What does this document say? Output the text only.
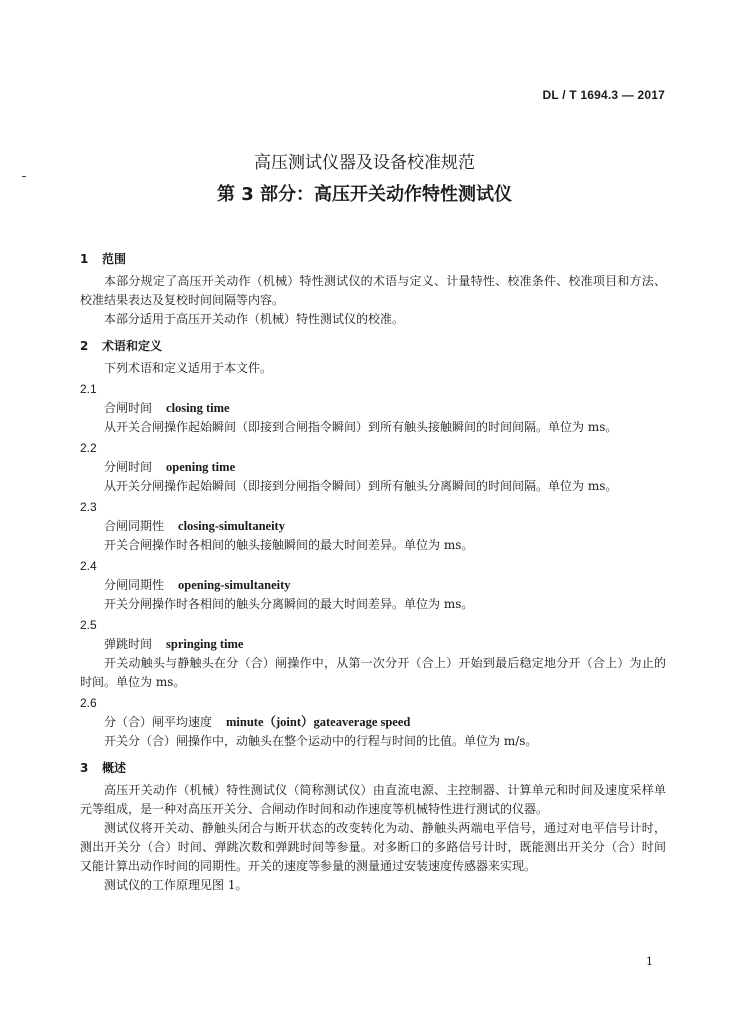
DL / T 1694.3 — 2017
高压测试仪器及设备校准规范
第 3 部分：高压开关动作特性测试仪
1 范围
本部分规定了高压开关动作（机械）特性测试仪的术语与定义、计量特性、校准条件、校准项目和方法、校准结果表达及复校时间间隔等内容。
本部分适用于高压开关动作（机械）特性测试仪的校准。
2 术语和定义
下列术语和定义适用于本文件。
2.1
合闸时间 closing time
从开关合闸操作起始瞬间（即接到合闸指令瞬间）到所有触头接触瞬间的时间间隔。单位为 ms。
2.2
分闸时间 opening time
从开关分闸操作起始瞬间（即接到分闸指令瞬间）到所有触头分离瞬间的时间间隔。单位为 ms。
2.3
合闸同期性 closing-simultaneity
开关合闸操作时各相间的触头接触瞬间的最大时间差异。单位为 ms。
2.4
分闸同期性 opening-simultaneity
开关分闸操作时各相间的触头分离瞬间的最大时间差异。单位为 ms。
2.5
弹跳时间 springing time
开关动触头与静触头在分（合）闸操作中，从第一次分开（合上）开始到最后稳定地分开（合上）为止的时间。单位为 ms。
2.6
分（合）闸平均速度 minute（joint）gateaverage speed
开关分（合）闸操作中，动触头在整个运动中的行程与时间的比值。单位为 m/s。
3 概述
高压开关动作（机械）特性测试仪（简称测试仪）由直流电源、主控制器、计算单元和时间及速度采样单元等组成，是一种对高压开关分、合闸动作时间和动作速度等机械特性进行测试的仪器。
测试仪将开关动、静触头闭合与断开状态的改变转化为动、静触头两端电平信号，通过对电平信号计时，测出开关分（合）时间、弹跳次数和弹跳时间等参量。对多断口的多路信号计时，既能测出开关分（合）时间又能计算出动作时间的同期性。开关的速度等参量的测量通过安装速度传感器来实现。
测试仪的工作原理见图 1。
1
